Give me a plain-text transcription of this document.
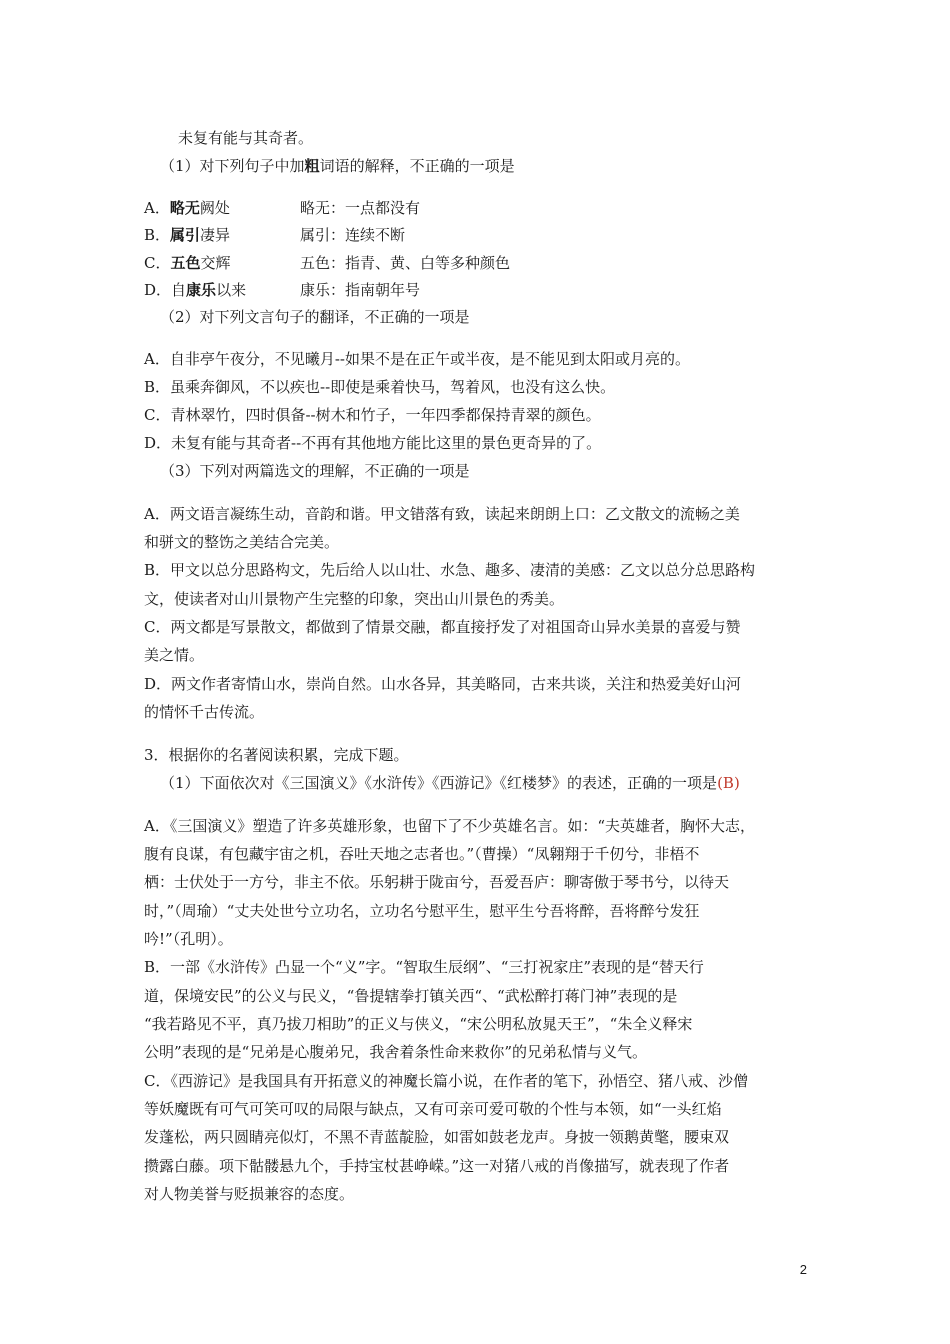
未复有能与其奇者。
（1）对下列句子中加粗词语的解释，不正确的一项是
A．略无阙处	略无：一点都没有
B．属引凄异	属引：连续不断
C．五色交辉	五色：指青、黄、白等多种颜色
D．自康乐以来	康乐：指南朝年号
（2）对下列文言句子的翻译，不正确的一项是
A．自非亭午夜分，不见曦月--如果不是在正午或半夜，是不能见到太阳或月亮的。
B．虽乘奔御风，不以疾也--即使是乘着快马，驾着风，也没有这么快。
C．青林翠竹，四时俱备--树木和竹子，一年四季都保持青翠的颜色。
D．未复有能与其奇者--不再有其他地方能比这里的景色更奇异的了。
（3）下列对两篇选文的理解，不正确的一项是
A．两文语言凝练生动，音韵和谐。甲文错落有致，读起来朗朗上口：乙文散文的流畅之美
和骈文的整饬之美结合完美。
B．甲文以总分思路构文，先后给人以山壮、水急、趣多、凄清的美感：乙文以总分总思路构
文，使读者对山川景物产生完整的印象，突出山川景色的秀美。
C．两文都是写景散文，都做到了情景交融，都直接抒发了对祖国奇山异水美景的喜爱与赞
美之情。
D．两文作者寄情山水，崇尚自然。山水各异，其美略同，古来共谈，关注和热爱美好山河
的情怀千古传流。
3．根据你的名著阅读积累，完成下题。
（1）下面依次对《三国演义》《水浒传》《西游记》《红楼梦》的表述，正确的一项是(B)
A．《三国演义》塑造了许多英雄形象，也留下了不少英雄名言。如：“夫英雄者，胸怀大志，
腹有良谋，有包藏宇宙之机，吞吐天地之志者也。”（曹操）“凤翱翔于千仞兮，非梧不
栖：士伏处于一方兮，非主不依。乐躬耕于陇亩兮，吾爱吾庐：聊寄傲于琴书兮，以待天
时，”（周瑜）“丈夫处世兮立功名，立功名兮慰平生，慰平生兮吾将醉，吾将醉兮发狂
吟!”（孔明）。
B．一部《水浒传》凸显一个“义”字。“智取生辰纲”、“三打祝家庄”表现的是“替天行
道，保境安民”的公义与民义，“鲁提辖拳打镇关西“、“武松醉打蒋门神”表现的是
“我若路见不平，真乃拔刀相助”的正义与侠义，“宋公明私放晁天王”，“朱全义释宋
公明”表现的是“兄弟是心腹弟兄，我舍着条性命来救你”的兄弟私情与义气。
C．《西游记》是我国具有开拓意义的神魔长篇小说，在作者的笔下，孙悟空、猪八戒、沙僧
等妖魔既有可气可笑可叹的局限与缺点，又有可亲可爱可敬的个性与本领，如“一头红焰
发蓬松，两只圆睛亮似灯，不黑不青蓝靛脸，如雷如鼓老龙声。身披一领鹅黄氅，腰束双
攒露白藤。项下骷髅悬九个，手持宝杖甚峥嵘。”这一对猪八戒的肖像描写，就表现了作者
对人物美誉与贬损兼容的态度。
2
